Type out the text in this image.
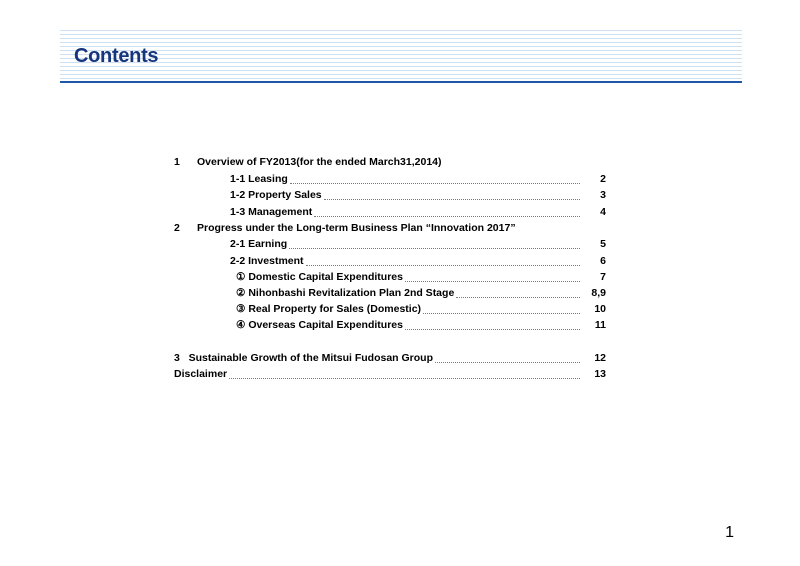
Contents
1 Overview of FY2013(for the ended March31,2014)
1-1 Leasing	2
1-2 Property Sales	3
1-3 Management	4
2 Progress under the Long-term Business Plan “Innovation 2017”
2-1 Earning	5
2-2 Investment	6
① Domestic Capital Expenditures	7
② Nihonbashi Revitalization Plan 2nd Stage	8,9
③ Real Property for Sales (Domestic)	10
④ Overseas Capital Expenditures	11
3   Sustainable Growth of the Mitsui Fudosan Group	12
Disclaimer	13
1
